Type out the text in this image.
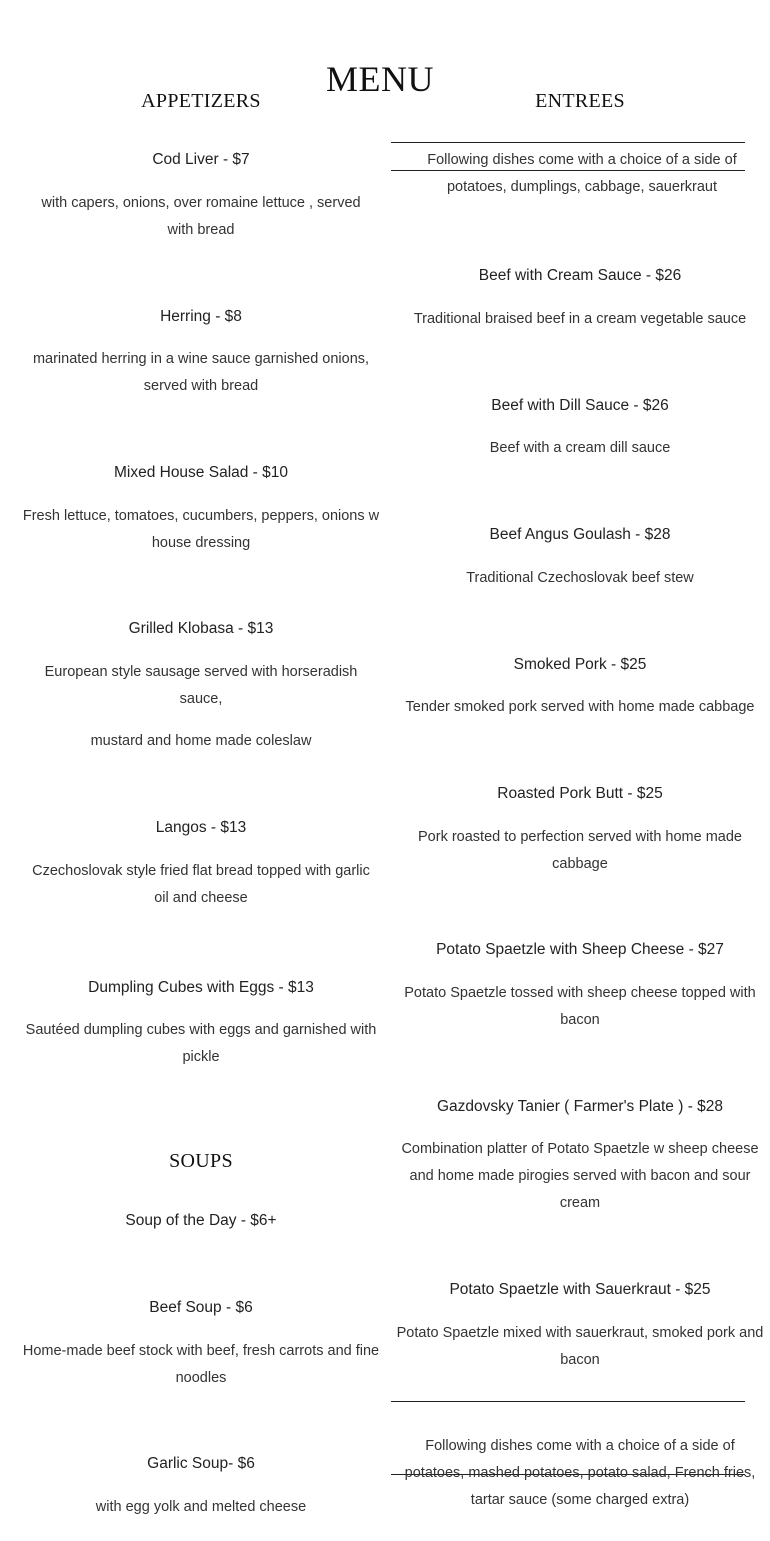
MENU
APPETIZERS
Cod Liver - $7
with capers, onions, over romaine lettuce , served with bread
Herring - $8
marinated herring in a wine sauce garnished onions, served with bread
Mixed House Salad - $10
Fresh lettuce, tomatoes, cucumbers, peppers, onions w house dressing
Grilled Klobasa - $13
European style sausage served with horseradish sauce,
mustard and home made coleslaw
Langos - $13
Czechoslovak style fried flat bread topped with garlic oil and cheese
Dumpling Cubes with Eggs - $13
Sautéed dumpling cubes with eggs and garnished with pickle
SOUPS
Soup of the Day - $6+
Beef Soup - $6
Home-made beef stock with beef, fresh carrots and fine noodles
Garlic Soup- $6
with egg yolk and melted cheese
ENTREES
Following dishes come with a choice of a side of potatoes, dumplings, cabbage, sauerkraut
Beef with Cream Sauce - $26
Traditional braised beef in a cream vegetable sauce
Beef with Dill Sauce - $26
Beef with a cream dill sauce
Beef Angus Goulash - $28
Traditional Czechoslovak beef stew
Smoked Pork - $25
Tender smoked pork served with home made cabbage
Roasted Pork Butt - $25
Pork roasted to perfection served with home made cabbage
Potato Spaetzle with Sheep Cheese - $27
Potato Spaetzle tossed with sheep cheese topped with bacon
Gazdovsky Tanier ( Farmer's Plate ) - $28
Combination platter of Potato Spaetzle w sheep cheese and home made pirogies served with bacon and sour cream
Potato Spaetzle with Sauerkraut - $25
Potato Spaetzle mixed with sauerkraut, smoked pork and bacon
Following dishes come with a choice of a side of potatoes, mashed potatoes, potato salad, French fries, tartar sauce (some charged extra)
